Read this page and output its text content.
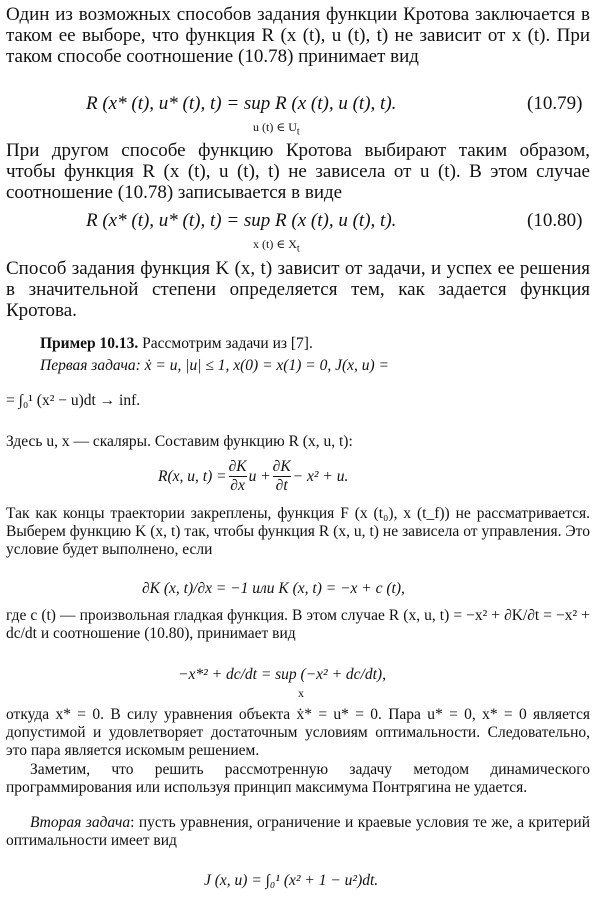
Один из возможных способов задания функции Кротова заключается в таком ее выборе, что функция R (x (t), u (t), t) не зависит от x (t). При таком способе соотношение (10.78) принимает вид

R (x* (t), u* (t), t) = sup R (x (t), u (t), t).
u (t) ∈ $U_t$
(10.79)

При другом способе функцию Кротова выбирают таким образом, чтобы функция R (x (t), u (t), t) не зависела от u (t). В этом случае соотношение (10.78) записывается в виде

R (x* (t), u* (t), t) = sup R (x (t), u (t), t).
x (t) ∈ $X_t$
(10.80)

Способ задания функция K (x, t) зависит от задачи, и успех ее решения в значительной степени определяется тем, как задается функция Кротова.

Пример 10.13. Рассмотрим задачи из [7].

Первая задача: ẋ = u, |u| ≤ 1, x(0) = x(1) = 0, J(x, u) =
= ∫₀¹ (x² − u)dt → inf.

Здесь u, x — скаляры. Составим функцию R (x, u, t):

R(x, u, $t) = \frac{\partial K}{\partial x}$ $u + \frac{\partial K}{\partial t} - x^2 + u$.

Так как концы траектории закреплены, функция F (x (t₀), x (t_f)) не рассматривается. Выберем функцию K (x, t) так, чтобы функция R (x, u, t) не зависела от управления. Это условие будет выполнено, если

∂K (x, t)/∂x = −1 или K (x, t) = −x + c (t),

где c (t) — произвольная гладкая функция. В этом случае R (x, u, t) = −x² + ∂K/∂t = −x² + dc/dt и соотношение (10.80), принимает вид

−x*² + dc/dt = sup (−x² + dc/dt),
x

откуда x* = 0. В силу уравнения объекта ẋ* = u* = 0. Пара u* = 0, x* = 0 является допустимой и удовлетворяет достаточным условиям оптимальности. Следовательно, это пара является искомым решением.

Заметим, что решить рассмотренную задачу методом динамического программирования или используя принцип максимума Понтрягина не удается.

Вторая задача: пусть уравнения, ограничение и краевые условия те же, а критерий оптимальности имеет вид

J (x, u) = ∫₀¹ (x² + 1 − u²)dt.
